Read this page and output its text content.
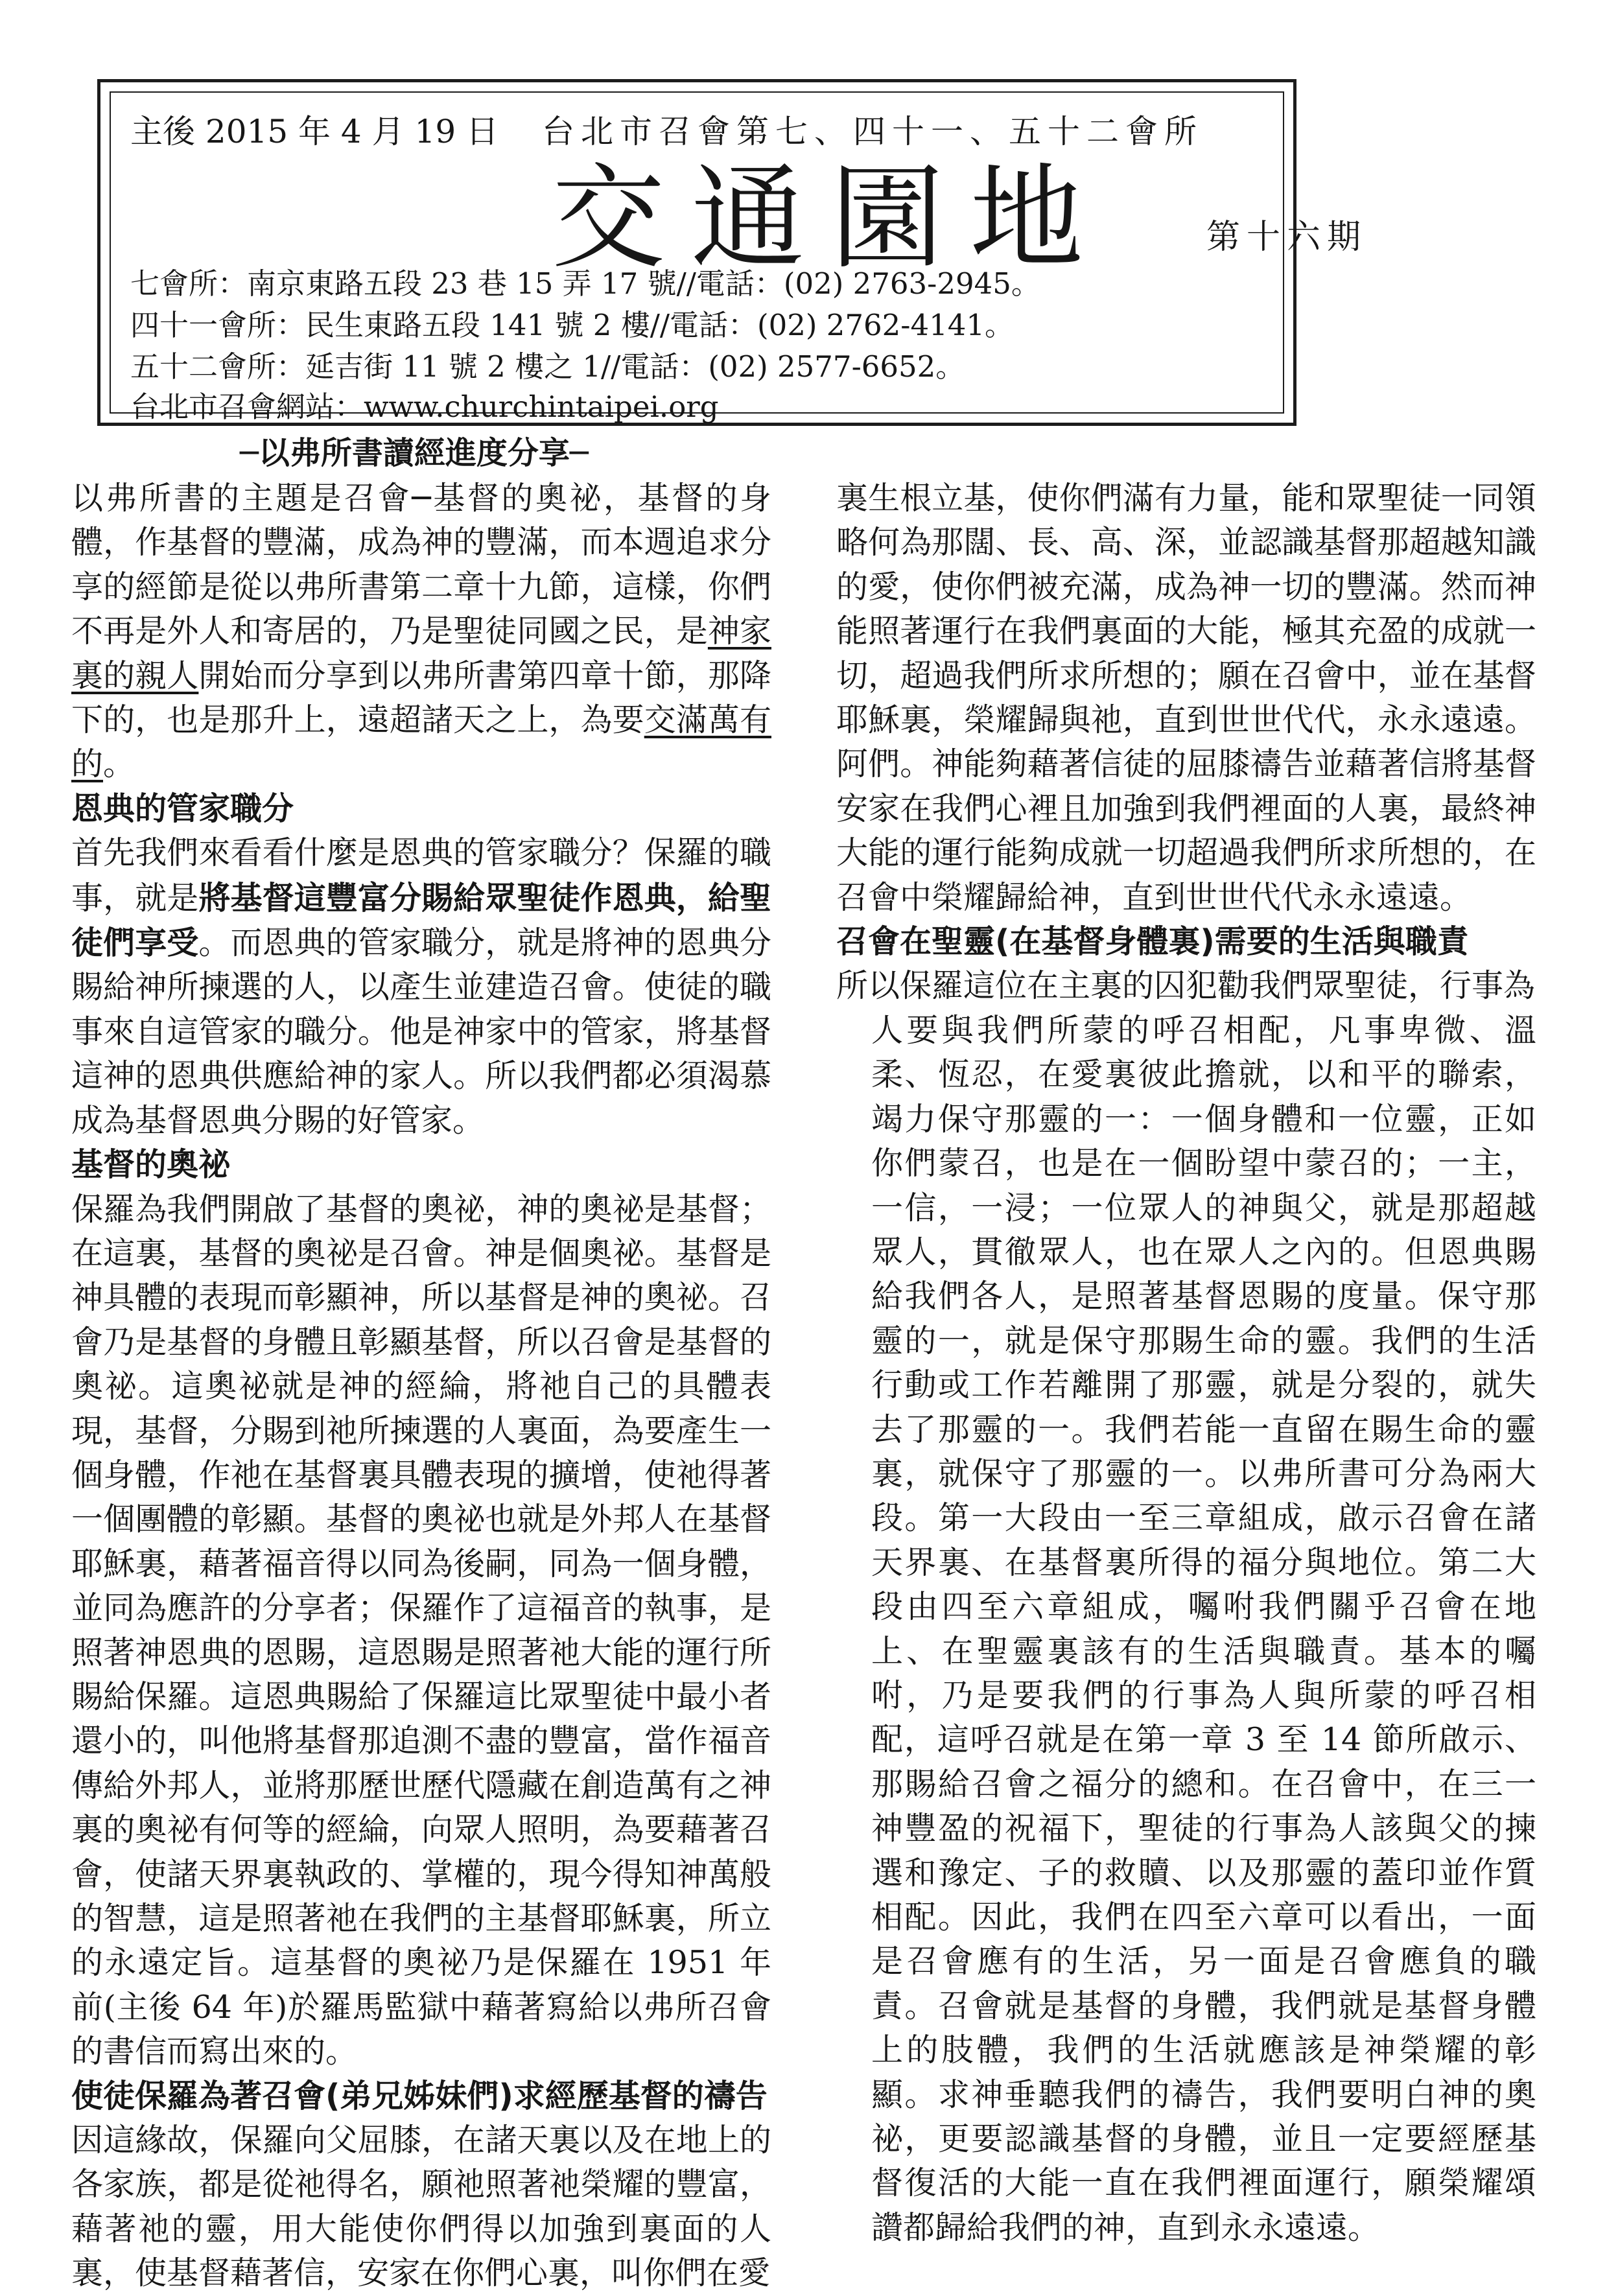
主後 2015 年 4 月 19 日 台北市召會第七、四十一、五十二會所
交通園地	第十六期
七會所：南京東路五段 23 巷 15 弄 17 號//電話：(02) 2763-2945。
四十一會所：民生東路五段 141 號 2 樓//電話：(02) 2762-4141。
五十二會所：延吉街 11 號 2 樓之 1//電話：(02) 2577-6652。
台北市召會網站：www.churchintaipei.org
─以弗所書讀經進度分享─

以弗所書的主題是召會─基督的奧祕，基督的身體，作基督的豐滿，成為神的豐滿，而本週追求分享的經節是從以弗所書第二章十九節，這樣，你們不再是外人和寄居的，乃是聖徒同國之民，是神家裏的親人開始而分享到以弗所書第四章十節，那降下的，也是那升上，遠超諸天之上，為要交滿萬有的。

恩典的管家職分

首先我們來看看什麼是恩典的管家職分？保羅的職事，就是將基督這豐富分賜給眾聖徒作恩典，給聖徒們享受。而恩典的管家職分，就是將神的恩典分賜給神所揀選的人，以產生並建造召會。使徒的職事來自這管家的職分。他是神家中的管家，將基督這神的恩典供應給神的家人。所以我們都必須渴慕成為基督恩典分賜的好管家。

基督的奧祕

保羅為我們開啟了基督的奧祕，神的奧祕是基督；在這裏，基督的奧祕是召會。神是個奧祕。基督是神具體的表現而彰顯神，所以基督是神的奧祕。召會乃是基督的身體且彰顯基督，所以召會是基督的奧祕。這奧祕就是神的經綸，將祂自己的具體表現，基督，分賜到祂所揀選的人裏面，為要產生一個身體，作祂在基督裏具體表現的擴增，使祂得著一個團體的彰顯。基督的奧祕也就是外邦人在基督耶穌裏，藉著福音得以同為後嗣，同為一個身體，並同為應許的分享者；保羅作了這福音的執事，是照著神恩典的恩賜，這恩賜是照著祂大能的運行所賜給保羅。這恩典賜給了保羅這比眾聖徒中最小者還小的，叫他將基督那追測不盡的豐富，當作福音傳給外邦人，並將那歷世歷代隱藏在創造萬有之神裏的奧祕有何等的經綸，向眾人照明，為要藉著召會，使諸天界裏執政的、掌權的，現今得知神萬般的智慧，這是照著祂在我們的主基督耶穌裏，所立的永遠定旨。這基督的奧祕乃是保羅在 1951 年前(主後 64 年)於羅馬監獄中藉著寫給以弗所召會的書信而寫出來的。

使徒保羅為著召會(弟兄姊妹們)求經歷基督的禱告

因這緣故，保羅向父屈膝，在諸天裏以及在地上的各家族，都是從祂得名，願祂照著祂榮耀的豐富，藉著祂的靈，用大能使你們得以加強到裏面的人裏，使基督藉著信，安家在你們心裏，叫你們在愛

裏生根立基，使你們滿有力量，能和眾聖徒一同領略何為那闊、長、高、深，並認識基督那超越知識的愛，使你們被充滿，成為神一切的豐滿。然而神能照著運行在我們裏面的大能，極其充盈的成就一切，超過我們所求所想的；願在召會中，並在基督耶穌裏，榮耀歸與祂，直到世世代代，永永遠遠。阿們。神能夠藉著信徒的屈膝禱告並藉著信將基督安家在我們心裡且加強到我們裡面的人裏，最終神大能的運行能夠成就一切超過我們所求所想的，在召會中榮耀歸給神，直到世世代代永永遠遠。

召會在聖靈(在基督身體裏)需要的生活與職責

所以保羅這位在主裏的囚犯勸我們眾聖徒，行事為

人要與我們所蒙的呼召相配，凡事卑微、溫柔、恆忍，在愛裏彼此擔就，以和平的聯索，竭力保守那靈的一：一個身體和一位靈，正如你們蒙召，也是在一個盼望中蒙召的；一主，一信，一浸；一位眾人的神與父，就是那超越眾人，貫徹眾人，也在眾人之內的。但恩典賜給我們各人，是照著基督恩賜的度量。保守那靈的一，就是保守那賜生命的靈。我們的生活行動或工作若離開了那靈，就是分裂的，就失去了那靈的一。我們若能一直留在賜生命的靈裏，就保守了那靈的一。以弗所書可分為兩大段。第一大段由一至三章組成，啟示召會在諸天界裏、在基督裏所得的福分與地位。第二大段由四至六章組成，囑咐我們關乎召會在地上、在聖靈裏該有的生活與職責。基本的囑咐，乃是要我們的行事為人與所蒙的呼召相配，這呼召就是在第一章 3 至 14 節所啟示、那賜給召會之福分的總和。在召會中，在三一神豐盈的祝福下，聖徒的行事為人該與父的揀選和豫定、子的救贖、以及那靈的蓋印並作質相配。因此，我們在四至六章可以看出，一面是召會應有的生活，另一面是召會應負的職責。召會就是基督的身體，我們就是基督身體上的肢體，我們的生活就應該是神榮耀的彰顯。求神垂聽我們的禱告，我們要明白神的奧祕，更要認識基督的身體，並且一定要經歷基督復活的大能一直在我們裡面運行，願榮耀頌讚都歸給我們的神，直到永永遠遠。
